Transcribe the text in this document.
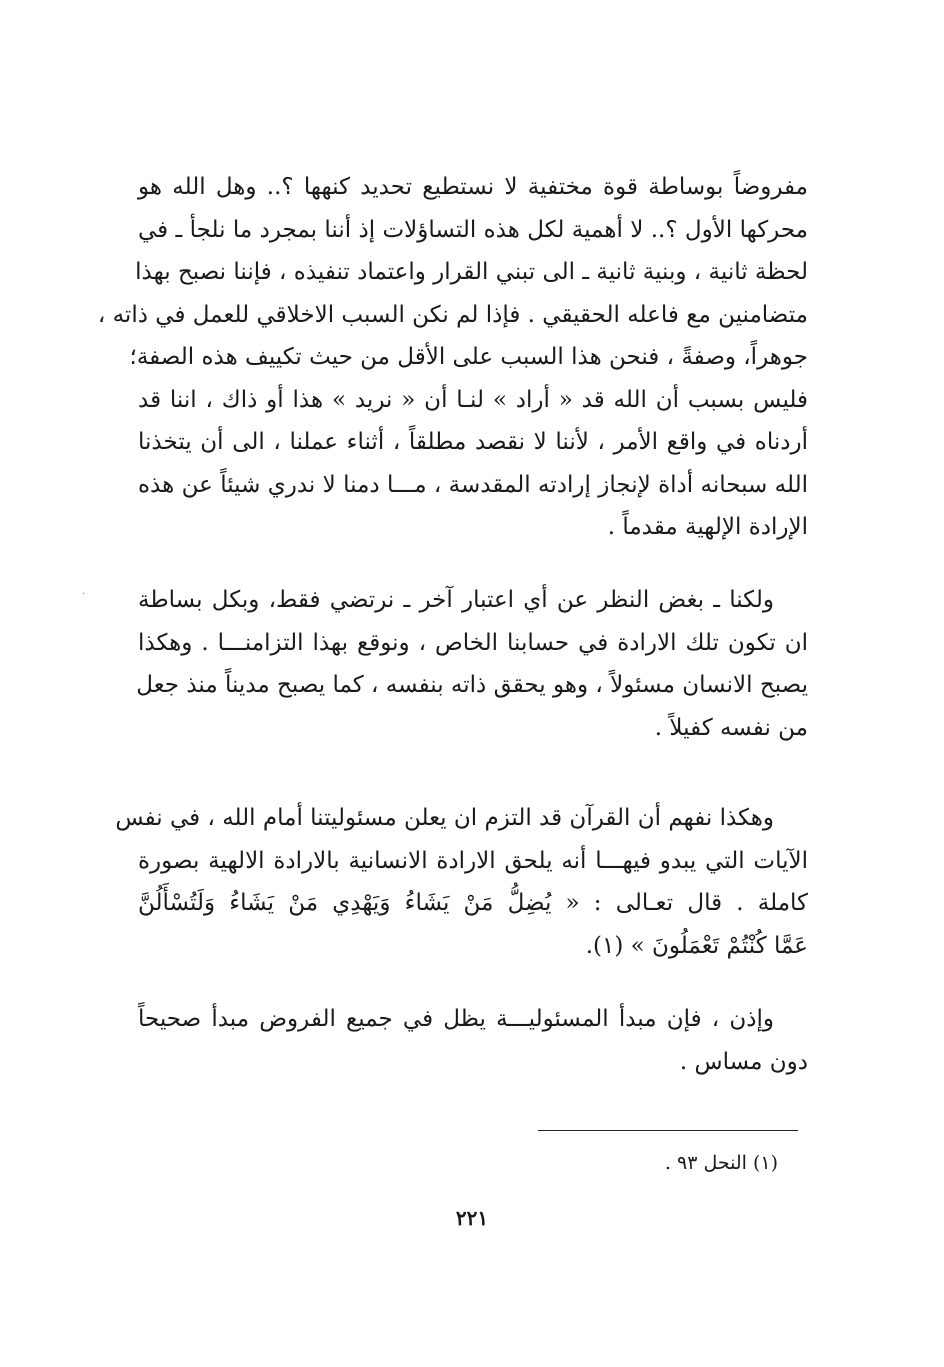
·
مفروضاً بوساطة قوة مختفية لا نستطيع تحديد كنهها ؟.. وهل الله هو
محركها الأول ؟.. لا أهمية لكل هذه التساؤلات إذ أننا بمجرد ما نلجأ ـ في
لحظة ثانية ، وبنية ثانية ـ الى تبني القرار واعتماد تنفيذه ، فإننا نصبح بهذا
متضامنين مع فاعله الحقيقي . فإذا لم نكن السبب الاخلاقي للعمل في ذاته ،
جوهراً، وصفةً ، فنحن هذا السبب على الأقل من حيث تكييف هذه الصفة؛
فليس بسبب أن الله قد « أراد » لنـا أن « نريد » هذا أو ذاك ، اننا قد
أردناه في واقع الأمر ، لأننا لا نقصد مطلقاً ، أثناء عملنا ، الى أن يتخذنا
الله سبحانه أداة لإنجاز إرادته المقدسة ، مـــا دمنا لا ندري شيئاً عن هذه
الإرادة الإلهية مقدماً .
ولكنا ـ بغض النظر عن أي اعتبار آخر ـ نرتضي فقط، وبكل بساطة
ان تكون تلك الارادة في حسابنا الخاص ، ونوقع بهذا التزامنـــا . وهكذا
يصبح الانسان مسئولاً ، وهو يحقق ذاته بنفسه ، كما يصبح مديناً منذ جعل
من نفسه كفيلاً .
وهكذا نفهم أن القرآن قد التزم ان يعلن مسئوليتنا أمام الله ، في نفس
الآيات التي يبدو فيهـــا أنه يلحق الارادة الانسانية بالارادة الالهية بصورة
كاملة . قال تعـالى : « يُضِلُّ مَنْ يَشَاءُ وَيَهْدِي مَنْ يَشَاءُ وَلَتُسْأَلُنَّ
عَمَّا كُنْتُمْ تَعْمَلُونَ » (١).
وإذن ، فإن مبدأ المسئوليـــة يظل في جميع الفروض مبدأ صحيحاً
دون مساس .
(١) النحل ٩٣ .
٢٢١
